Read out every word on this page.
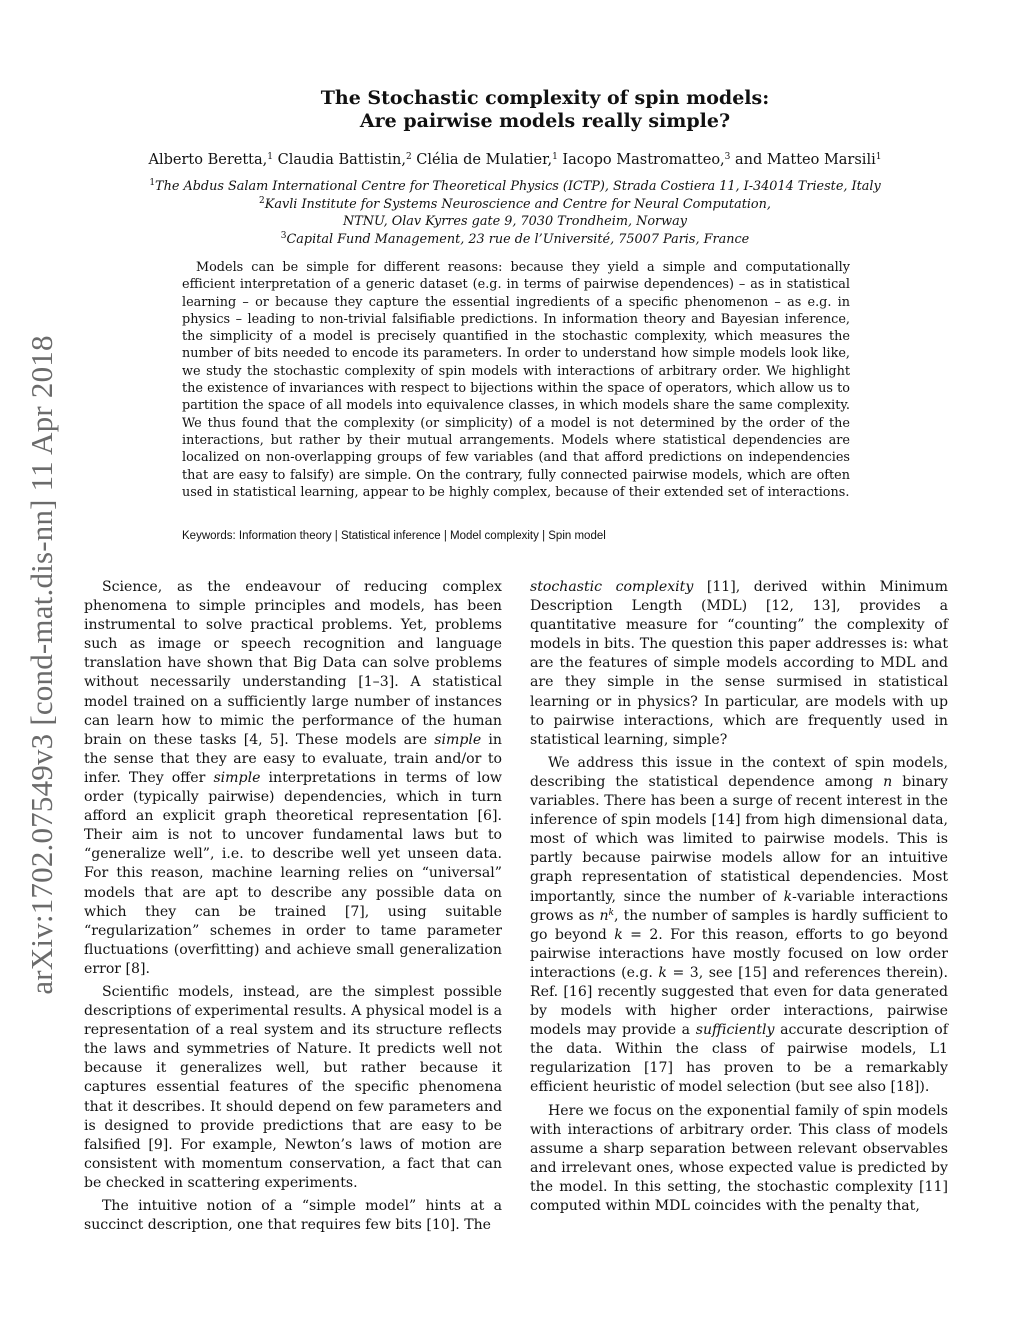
arXiv:1702.07549v3 [cond-mat.dis-nn] 11 Apr 2018
The Stochastic complexity of spin models:
Are pairwise models really simple?
Alberto Beretta,$^1$ Claudia Battistin,$^2$ Clélia de Mulatier,$^1$ Iacopo Mastromatteo,$^3$ and Matteo Marsili$^1$
$^1$The Abdus Salam International Centre for Theoretical Physics (ICTP), Strada Costiera 11, I-34014 Trieste, Italy
$^2$Kavli Institute for Systems Neuroscience and Centre for Neural Computation,
NTNU, Olav Kyrres gate 9, 7030 Trondheim, Norway
$^3$Capital Fund Management, 23 rue de l’Université, 75007 Paris, France

Models can be simple for different reasons: because they yield a simple and computationally efficient interpretation of a generic dataset (e.g. in terms of pairwise dependences) – as in statistical learning – or because they capture the essential ingredients of a specific phenomenon – as e.g. in physics – leading to non-trivial falsifiable predictions. In information theory and Bayesian inference, the simplicity of a model is precisely quantified in the stochastic complexity, which measures the number of bits needed to encode its parameters. In order to understand how simple models look like, we study the stochastic complexity of spin models with interactions of arbitrary order. We highlight the existence of invariances with respect to bijections within the space of operators, which allow us to partition the space of all models into equivalence classes, in which models share the same complexity. We thus found that the complexity (or simplicity) of a model is not determined by the order of the interactions, but rather by their mutual arrangements. Models where statistical dependencies are localized on non-overlapping groups of few variables (and that afford predictions on independencies that are easy to falsify) are simple. On the contrary, fully connected pairwise models, which are often used in statistical learning, appear to be highly complex, because of their extended set of interactions.

Keywords: Information theory | Statistical inference | Model complexity | Spin model

Science, as the endeavour of reducing complex phenomena to simple principles and models, has been instrumental to solve practical problems. Yet, problems such as image or speech recognition and language translation have shown that Big Data can solve problems without necessarily understanding [1–3]. A statistical model trained on a sufficiently large number of instances can learn how to mimic the performance of the human brain on these tasks [4, 5]. These models are simple in the sense that they are easy to evaluate, train and/or to infer. They offer simple interpretations in terms of low order (typically pairwise) dependencies, which in turn afford an explicit graph theoretical representation [6]. Their aim is not to uncover fundamental laws but to “generalize well”, i.e. to describe well yet unseen data. For this reason, machine learning relies on “universal” models that are apt to describe any possible data on which they can be trained [7], using suitable “regularization” schemes in order to tame parameter fluctuations (overfitting) and achieve small generalization error [8].

Scientific models, instead, are the simplest possible descriptions of experimental results. A physical model is a representation of a real system and its structure reflects the laws and symmetries of Nature. It predicts well not because it generalizes well, but rather because it captures essential features of the specific phenomena that it describes. It should depend on few parameters and is designed to provide predictions that are easy to be falsified [9]. For example, Newton’s laws of motion are consistent with momentum conservation, a fact that can be checked in scattering experiments.

The intuitive notion of a “simple model” hints at a succinct description, one that requires few bits [10]. The

stochastic complexity [11], derived within Minimum Description Length (MDL) [12, 13], provides a quantitative measure for “counting” the complexity of models in bits. The question this paper addresses is: what are the features of simple models according to MDL and are they simple in the sense surmised in statistical learning or in physics? In particular, are models with up to pairwise interactions, which are frequently used in statistical learning, simple?

We address this issue in the context of spin models, describing the statistical dependence among n binary variables. There has been a surge of recent interest in the inference of spin models [14] from high dimensional data, most of which was limited to pairwise models. This is partly because pairwise models allow for an intuitive graph representation of statistical dependencies. Most importantly, since the number of k-variable interactions grows as $n^k$, the number of samples is hardly sufficient to go beyond k = 2. For this reason, efforts to go beyond pairwise interactions have mostly focused on low order interactions (e.g. k = 3, see [15] and references therein). Ref. [16] recently suggested that even for data generated by models with higher order interactions, pairwise models may provide a sufficiently accurate description of the data. Within the class of pairwise models, L1 regularization [17] has proven to be a remarkably efficient heuristic of model selection (but see also [18]).

Here we focus on the exponential family of spin models with interactions of arbitrary order. This class of models assume a sharp separation between relevant observables and irrelevant ones, whose expected value is predicted by the model. In this setting, the stochastic complexity [11] computed within MDL coincides with the penalty that,
